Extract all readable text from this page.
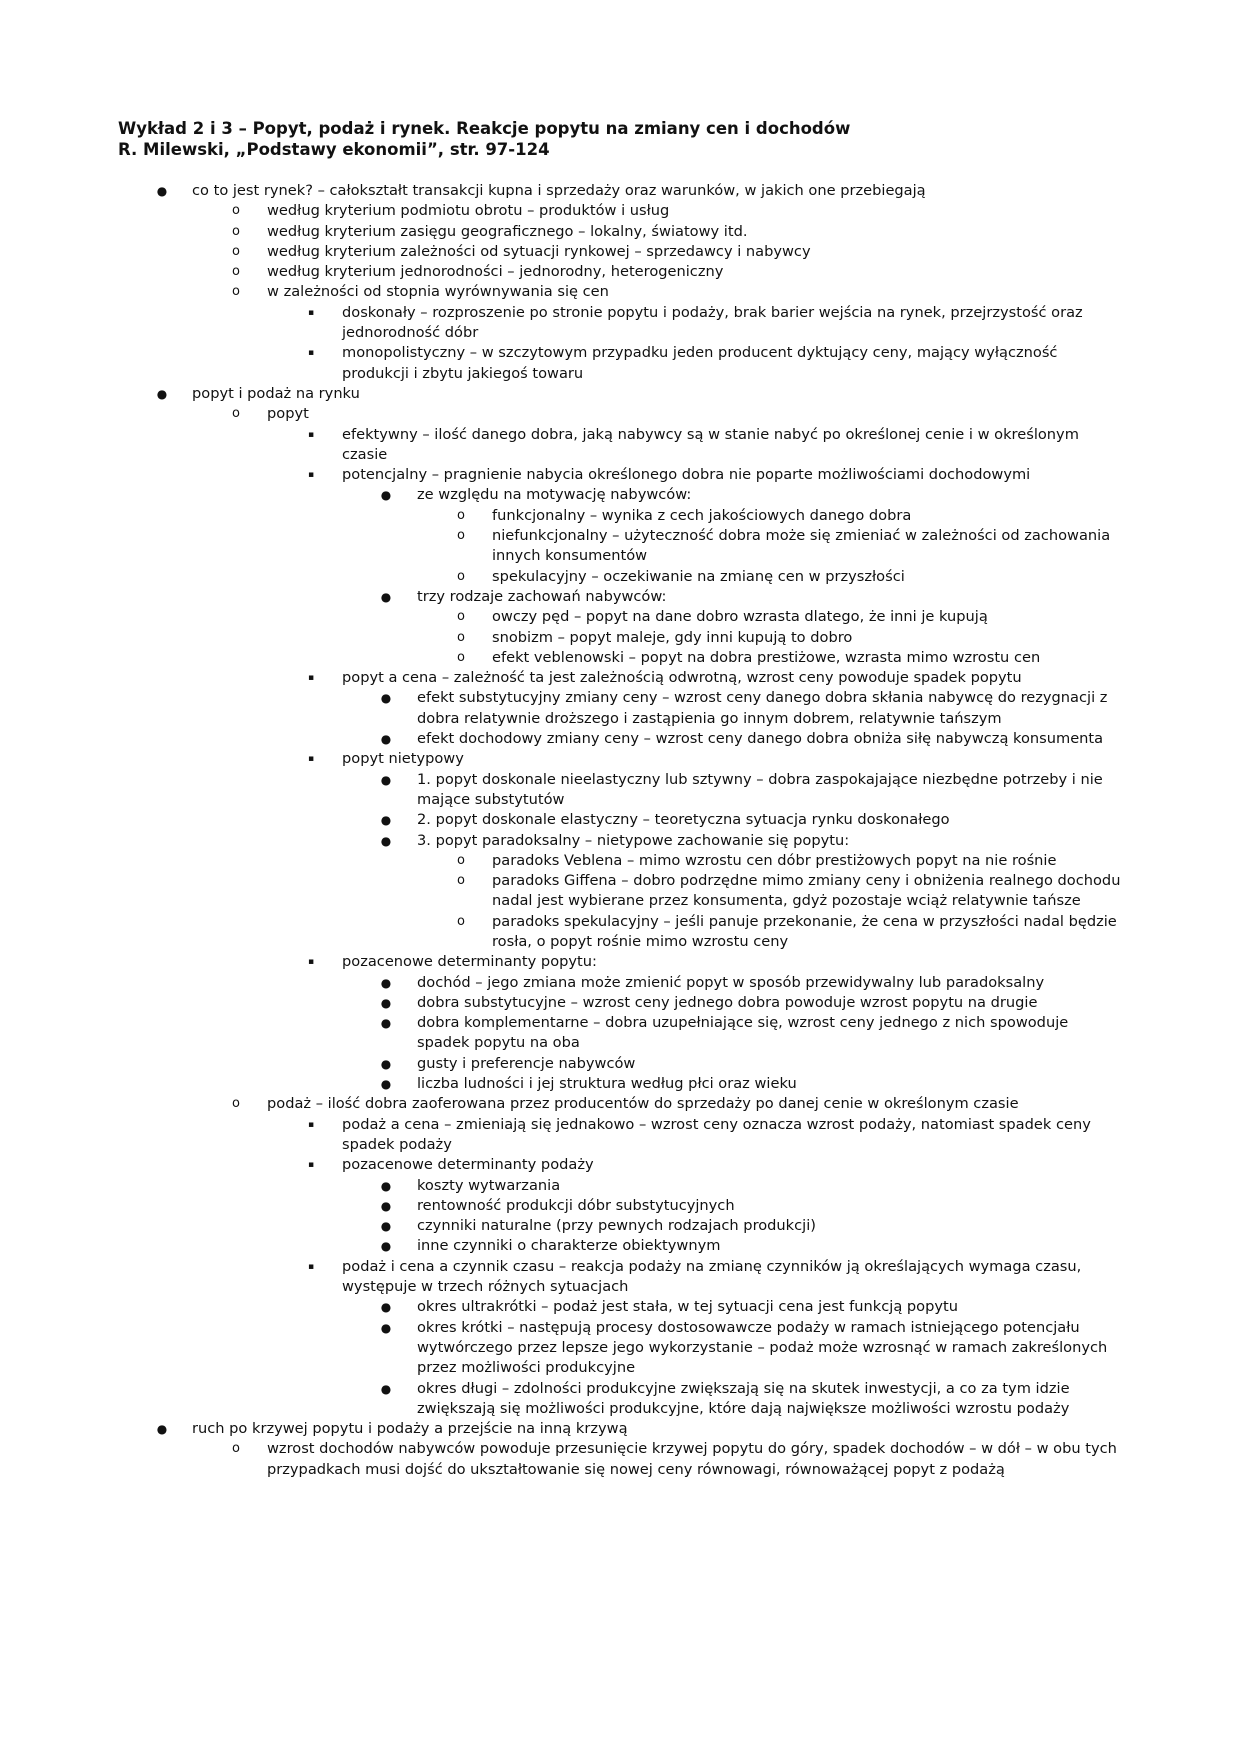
Wykład 2 i 3 – Popyt, podaż i rynek. Reakcje popytu na zmiany cen i dochodów
R. Milewski, „Podstawy ekonomii”, str. 97-124
●	co to jest rynek? – całokształt transakcji kupna i sprzedaży oraz warunków, w jakich one przebiegają
o	według kryterium podmiotu obrotu – produktów i usług
o	według kryterium zasięgu geograficznego – lokalny, światowy itd.
o	według kryterium zależności od sytuacji rynkowej – sprzedawcy i nabywcy
o	według kryterium jednorodności – jednorodny, heterogeniczny
o	w zależności od stopnia wyrównywania się cen
▪	doskonały – rozproszenie po stronie popytu i podaży, brak barier wejścia na rynek, przejrzystość oraz jednorodność dóbr
▪	monopolistyczny – w szczytowym przypadku jeden producent dyktujący ceny, mający wyłączność produkcji i zbytu jakiegoś towaru
●	popyt i podaż na rynku
o	popyt
▪	efektywny – ilość danego dobra, jaką nabywcy są w stanie nabyć po określonej cenie i w określonym czasie
▪	potencjalny – pragnienie nabycia określonego dobra nie poparte możliwościami dochodowymi
●	ze względu na motywację nabywców:
o	funkcjonalny – wynika z cech jakościowych danego dobra
o	niefunkcjonalny – użyteczność dobra może się zmieniać w zależności od zachowania innych konsumentów
o	spekulacyjny – oczekiwanie na zmianę cen w przyszłości
●	trzy rodzaje zachowań nabywców:
o	owczy pęd – popyt na dane dobro wzrasta dlatego, że inni je kupują
o	snobizm – popyt maleje, gdy inni kupują to dobro
o	efekt veblenowski – popyt na dobra prestiżowe, wzrasta mimo wzrostu cen
▪	popyt a cena – zależność ta jest zależnością odwrotną, wzrost ceny powoduje spadek popytu
●	efekt substytucyjny zmiany ceny – wzrost ceny danego dobra skłania nabywcę do rezygnacji z dobra relatywnie droższego i zastąpienia go innym dobrem, relatywnie tańszym
●	efekt dochodowy zmiany ceny – wzrost ceny danego dobra obniża siłę nabywczą konsumenta
▪	popyt nietypowy
●	1. popyt doskonale nieelastyczny lub sztywny – dobra zaspokajające niezbędne potrzeby i nie mające substytutów
●	2. popyt doskonale elastyczny – teoretyczna sytuacja rynku doskonałego
●	3. popyt paradoksalny – nietypowe zachowanie się popytu:
o	paradoks Veblena – mimo wzrostu cen dóbr prestiżowych popyt na nie rośnie
o	paradoks Giffena – dobro podrzędne mimo zmiany ceny i obniżenia realnego dochodu nadal jest wybierane przez konsumenta, gdyż pozostaje wciąż relatywnie tańsze
o	paradoks spekulacyjny – jeśli panuje przekonanie, że cena w przyszłości nadal będzie rosła, o popyt rośnie mimo wzrostu ceny
▪	pozacenowe determinanty popytu:
●	dochód – jego zmiana może zmienić popyt w sposób przewidywalny lub paradoksalny
●	dobra substytucyjne – wzrost ceny jednego dobra powoduje wzrost popytu na drugie
●	dobra komplementarne – dobra uzupełniające się, wzrost ceny jednego z nich spowoduje spadek popytu na oba
●	gusty i preferencje nabywców
●	liczba ludności i jej struktura według płci oraz wieku
o	podaż – ilość dobra zaoferowana przez producentów do sprzedaży po danej cenie w określonym czasie
▪	podaż a cena – zmieniają się jednakowo – wzrost ceny oznacza wzrost podaży, natomiast spadek ceny spadek podaży
▪	pozacenowe determinanty podaży
●	koszty wytwarzania
●	rentowność produkcji dóbr substytucyjnych
●	czynniki naturalne (przy pewnych rodzajach produkcji)
●	inne czynniki o charakterze obiektywnym
▪	podaż i cena a czynnik czasu – reakcja podaży na zmianę czynników ją określających wymaga czasu, występuje w trzech różnych sytuacjach
●	okres ultrakrótki – podaż jest stała, w tej sytuacji cena jest funkcją popytu
●	okres krótki – następują procesy dostosowawcze podaży w ramach istniejącego potencjału wytwórczego przez lepsze jego wykorzystanie – podaż może wzrosnąć w ramach zakreślonych przez możliwości produkcyjne
●	okres długi – zdolności produkcyjne zwiększają się na skutek inwestycji, a co za tym idzie zwiększają się możliwości produkcyjne, które dają największe możliwości wzrostu podaży
●	ruch po krzywej popytu i podaży a przejście na inną krzywą
o	wzrost dochodów nabywców powoduje przesunięcie krzywej popytu do góry, spadek dochodów – w dół – w obu tych przypadkach musi dojść do ukształtowanie się nowej ceny równowagi, równoważącej popyt z podażą
